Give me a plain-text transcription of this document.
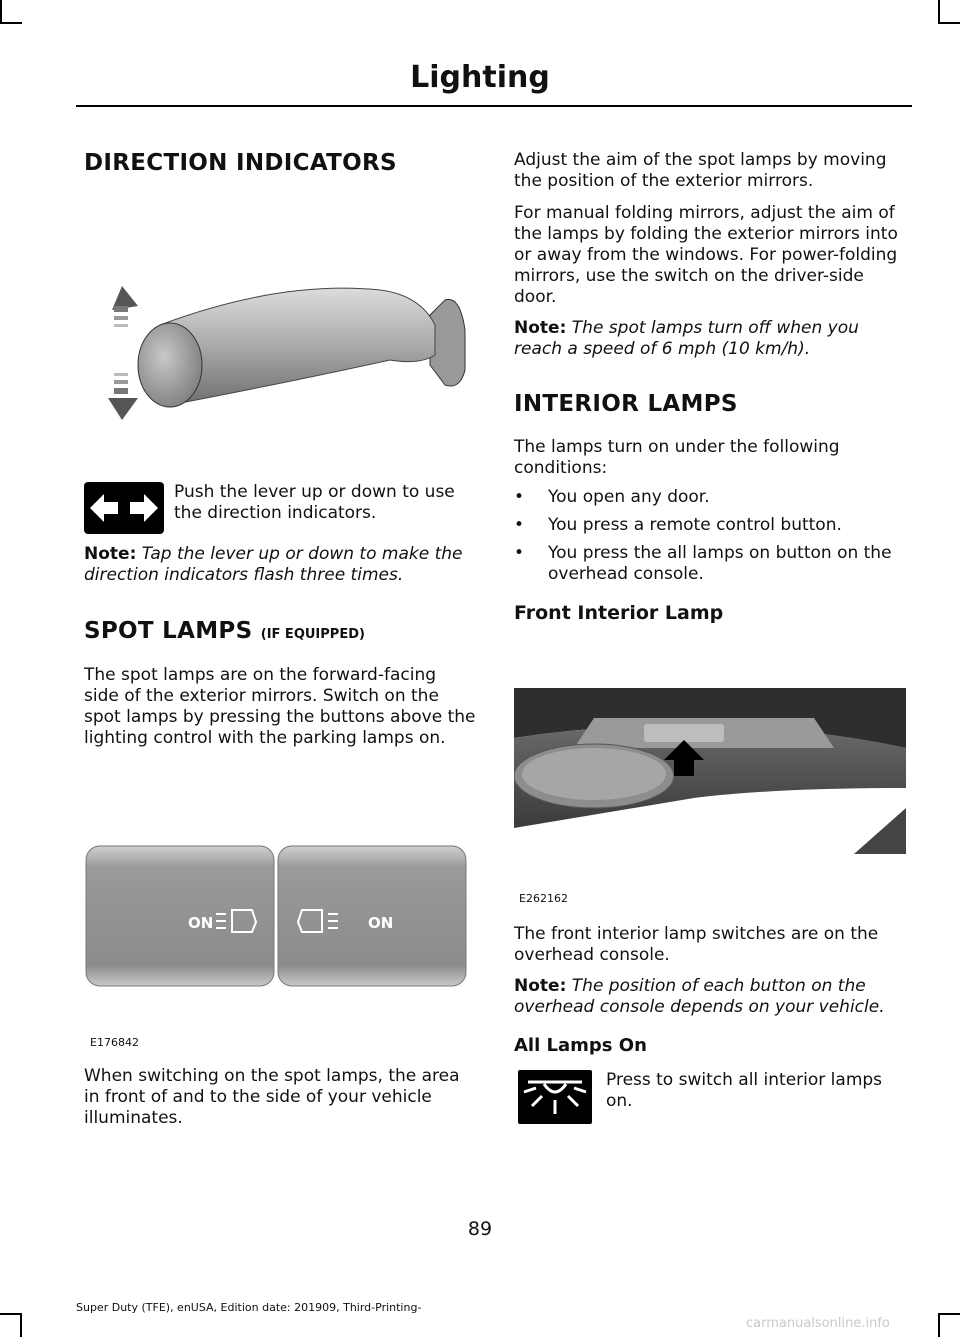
Lighting
DIRECTION INDICATORS

Push the lever up or down to use the direction indicators.

Note: Tap the lever up or down to make the direction indicators flash three times.

SPOT LAMPS (IF EQUIPPED)

The spot lamps are on the forward-facing side of the exterior mirrors. Switch on the spot lamps by pressing the buttons above the lighting control with the parking lamps on.

ON	ON
E176842

When switching on the spot lamps, the area in front of and to the side of your vehicle illuminates.

Adjust the aim of the spot lamps by moving the position of the exterior mirrors.

For manual folding mirrors, adjust the aim of the lamps by folding the exterior mirrors into or away from the windows. For power-folding mirrors, use the switch on the driver-side door.

Note: The spot lamps turn off when you reach a speed of 6 mph (10 km/h).

INTERIOR LAMPS

The lamps turn on under the following conditions:

• You open any door.
• You press a remote control button.
• You press the all lamps on button on the overhead console.
Front Interior Lamp
E262162

The front interior lamp switches are on the overhead console.

Note: The position of each button on the overhead console depends on your vehicle.

All Lamps On

Press to switch all interior lamps on.

89
Super Duty (TFE), enUSA, Edition date: 201909, Third-Printing-
carmanualsonline.info
